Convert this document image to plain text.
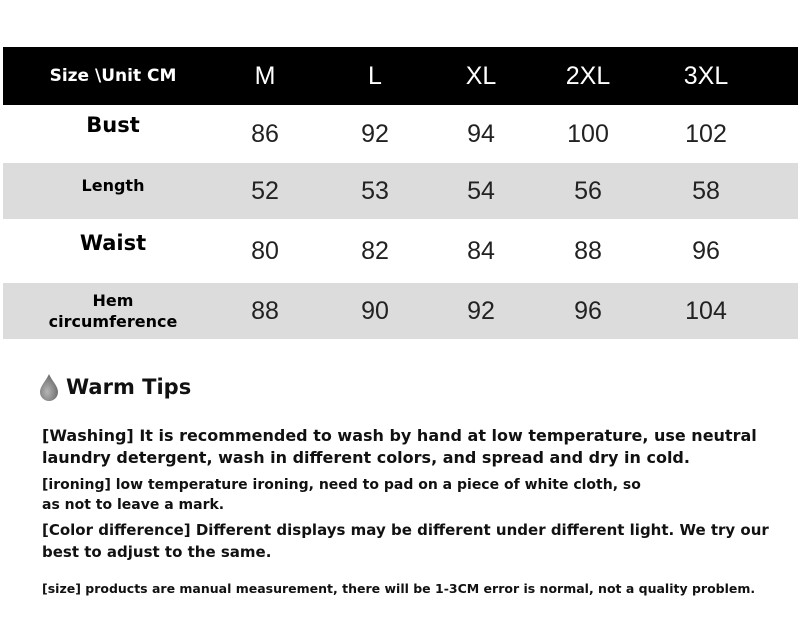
Size \Unit CM	M	L	XL	2XL	3XL
Bust	86	92	94	100	102
Length	52	53	54	56	58
Waist	80	82	84	88	96
Hem
circumference	88	90	92	96	104
Warm Tips
[Washing] It is recommended to wash by hand at low temperature, use neutral laundry detergent, wash in different colors, and spread and dry in cold.
[ironing] low temperature ironing, need to pad on a piece of white cloth, so as not to leave a mark.
[Color difference] Different displays may be different under different light. We try our best to adjust to the same.
[size] products are manual measurement, there will be 1-3CM error is normal, not a quality problem.
